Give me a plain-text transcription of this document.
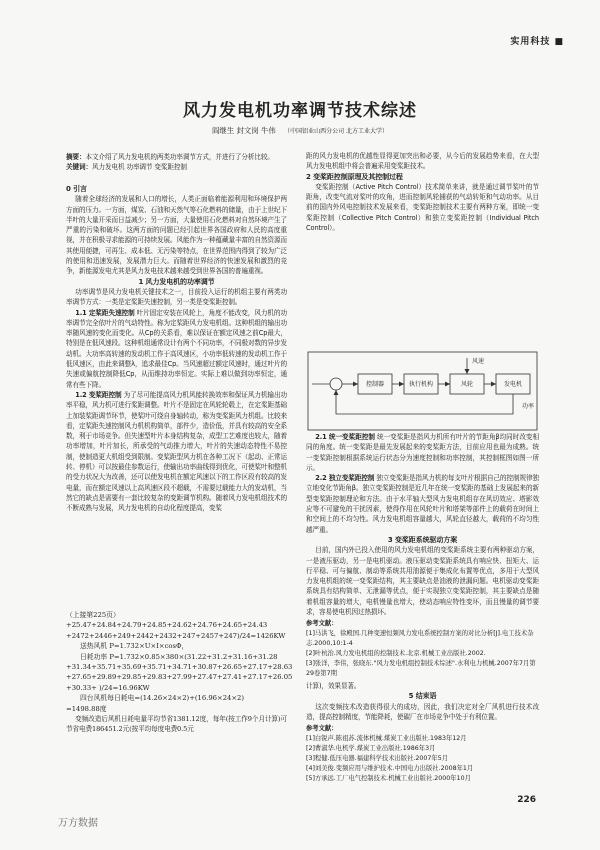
实用科技 ■
风力发电机功率调节技术综述
阎继生 封文岗 牛伟 （中国铝业山西分公司 北方工业大学）
摘要：本文介绍了风力发电机的两类功率调节方式，并进行了分析比较。
关键词：风力发电机 功率调节 变桨距控制

0 引言

随着全球经济的发展和人口的增长，人类正面临着能源利用和环境保护两方面的压力。一方面，煤炭、石油和天然气等石化燃料的储量，由于上世纪下半叶的大量开采而日益减少；另一方面，大量使用石化燃料对自然环境产生了严重的污染和破坏。这两方面的问题已经引起世界各国政府和人民的高度重视，并在积极寻求能源的可持续发展。风能作为一种蕴藏量丰富的自然资源而其使用便捷，可再生、成本低、无污染等特点，在世界范围内得到了较为广泛的使用和迅速发展，发展潜力巨大。而随着世界经济的快速发展和激烈的竞争，新能源发电尤其是风力发电技术越来越受到世界各国的普遍重视。

1 风力发电机的功率调节

功率调节是风力发电机关键技术之一，目前投入运行的机组主要有两类功率调节方式：一类是定桨距失速控制，另一类是变桨距控制。

1.1 定桨距失速控制 叶片固定安装在风轮上，角度不能改变，风力机的功率调节完全依叶片的气动特性。称为定桨距风力发电机组。这种机组的输出功率随风速的变化而变化。从Cp的关系看，难以保证在额定风速之前Cp最大，特别是在低风速段。这种机组通常设计有两个不同功率，不同极对数的异步发动机。大功率高转速的发动机工作于高风速区，小功率低转速的发动机工作于低风速区，由此来调整λ，追求最佳Cp。当风速超过额定风速时，通过叶片的失速或偏航控制降低Cp，从而维持功率恒定。实际上难以做到功率恒定，通常有些下降。

1.2 变桨距控制 为了尽可能提高风力机风能转换效率和保证风力机输出功率平稳，风力机可进行桨距调整。叶片不是固定在风轮轮毂上，在定桨距基础上加装桨距调节环节，使桨叶可绕自身轴转动，称为变桨距风力机组。比较来看，定桨距失速控制风力机机构简单，部件少，造价低，并具有较高的安全系数，利于市场竞争。但失速型叶片本身结构复杂，成型工艺难度也较大，随着功率增加，叶片加长，所承受的气动推力增大，叶片的失速动态特性不易控制，使制造更大机组受到限制。变桨距型风力机在各种工况下（起动、正常运转、停机）可以按最佳参数运行，使输出功率曲线得到优化，可使桨叶和整机的受力状况大为改善，还可以使发电机在额定风速以下的工作区段有较高的发电量，而在额定风速以上高风速区段不超载，不需要过载能力大的发动机，当然它的缺点是需要有一套比较复杂的变距调节机构。随着风力发电机组技术的不断成熟与发展，风力发电机的自动化程度提高，变桨

距的风力发电机的优越性显得更加突出和必要，从今后的发展趋势来看，在大型风力发电机组中将会普遍采用变桨距技术。

2 变桨距控制原理及其控制过程

变桨距控制（Active Pitch Control）技术简单来讲，就是通过调节桨叶的节距角，改变气流对桨叶的攻角，进而控制风轮捕获的气动转矩和气动功率。从目前的国内外风电控制技术发展来看，变桨距控制技术主要有两种方案，即统一变桨距控制（Collective Pitch Control）和独立变桨距控制（Individual Pitch Control）。

控制器	执行机构	风轮	发电机
风速
功率

2.1 统一变桨距控制 统一变桨距是指风力机所有叶片的节距角β均同时改变相同的角度。统一变桨距是最先发展起来的变桨距方法，目前应用也最为成熟。统一变桨距控制根据系统运行状态分为速度控制和功率控制，其控制框图如图一所示。

2.2 独立变桨距控制 独立变桨距是指风力机的每支叶片根据自己的控制规律独立地变化节距角β。独立变桨距控制是近几年在统一变桨距的基础上发展起来的新型变桨距控制理论和方法。由于水平轴大型风力发电机组存在风切效应、塔影效应等不可避免的干扰因素，使得作用在风轮叶片和塔架等部件上的载荷在时间上和空间上的不均匀性。风力发电机组容量越大，风轮直径越大，载荷的不均匀性越严重。

3 变桨距系统驱动方案

目前，国内外已投入使用的风力发电机组的变桨距系统主要有两种驱动方案，一是液压驱动，另一是电机驱动。液压驱动变桨距系统具有响应快、扭矩大、运行平稳、可与偏航、制动等系统共用油源便于集成化布置等优点，多用于大型风力发电机组的统一变桨距结构，其主要缺点是油液的泄漏问题。电机驱动变桨距系统具有结构简单、无泄漏等优点，便于实现独立变桨距控制，其主要缺点是随着机组容量的增大，电机慢量也增大，使动态响应特性变坏，而且慢量的调节要求，容易使电机因过热损坏。

参考文献：
[1]马洪飞，徐殿国.几种变速恒频风力发电系统控制方案的对比分析[J].电工技术杂志.2000,10:1-4
[2]叶杭治.风力发电机组的控制技术.北京.机械工业出版社.2002.
[3]张洋，李伟，张晓东."风力发电机组控制技术综述".水利电力机械.2007年7月第29卷第7期
（上接第225页）
+25.47+24.84+24.79+24.85+24.62+24.76+24.65+24.43
+2472+2446+249+2442+2432+247+2457+247)/24=1426KW
送热风机 P=1.732×U×I×cosΦ，
日耗功率 P=1.732×0.85×380×(31.22+31.2+31.16+31.28
+31.34+35.71+35.69+35.71+34.71+30.87+26.65+27.17+28.63
+27.65+29.89+29.85+29.83+27.99+27.47+27.41+27.17+26.05
+30.33+ )/24=16.96KW
四台风机每日耗电=(14.26×24×2)+(16.96×24×2)
=1498.88度
变频改造后风机日耗电量平均节省1381.12度，每年(按工作9个月计算)可节省电费186451.2元(按平均每度电费0.5元

计算)，效果显著。

5 结束语

这次变频技术改造获得很大的成功，因此，我们决定对全厂风机进行技术改造，提高控制精度，节能降耗，使碳厂在市场竞争中处于有利位置。

参考文献：
[1]白锐声.陈祖苏.流体机械.煤炭工业出版社.1983年12月
[2]曹淑华.电机学.煤炭工业出版社.1986年3月
[3]程健.低压电器.福建科学技术出版社.2007年5月
[4]刘美俊.变频应用与维护技术.中国电力出版社.2008年1月
[5]方承远.工厂电气控制技术.机械工业出版社.2000年10月
226
万方数据
